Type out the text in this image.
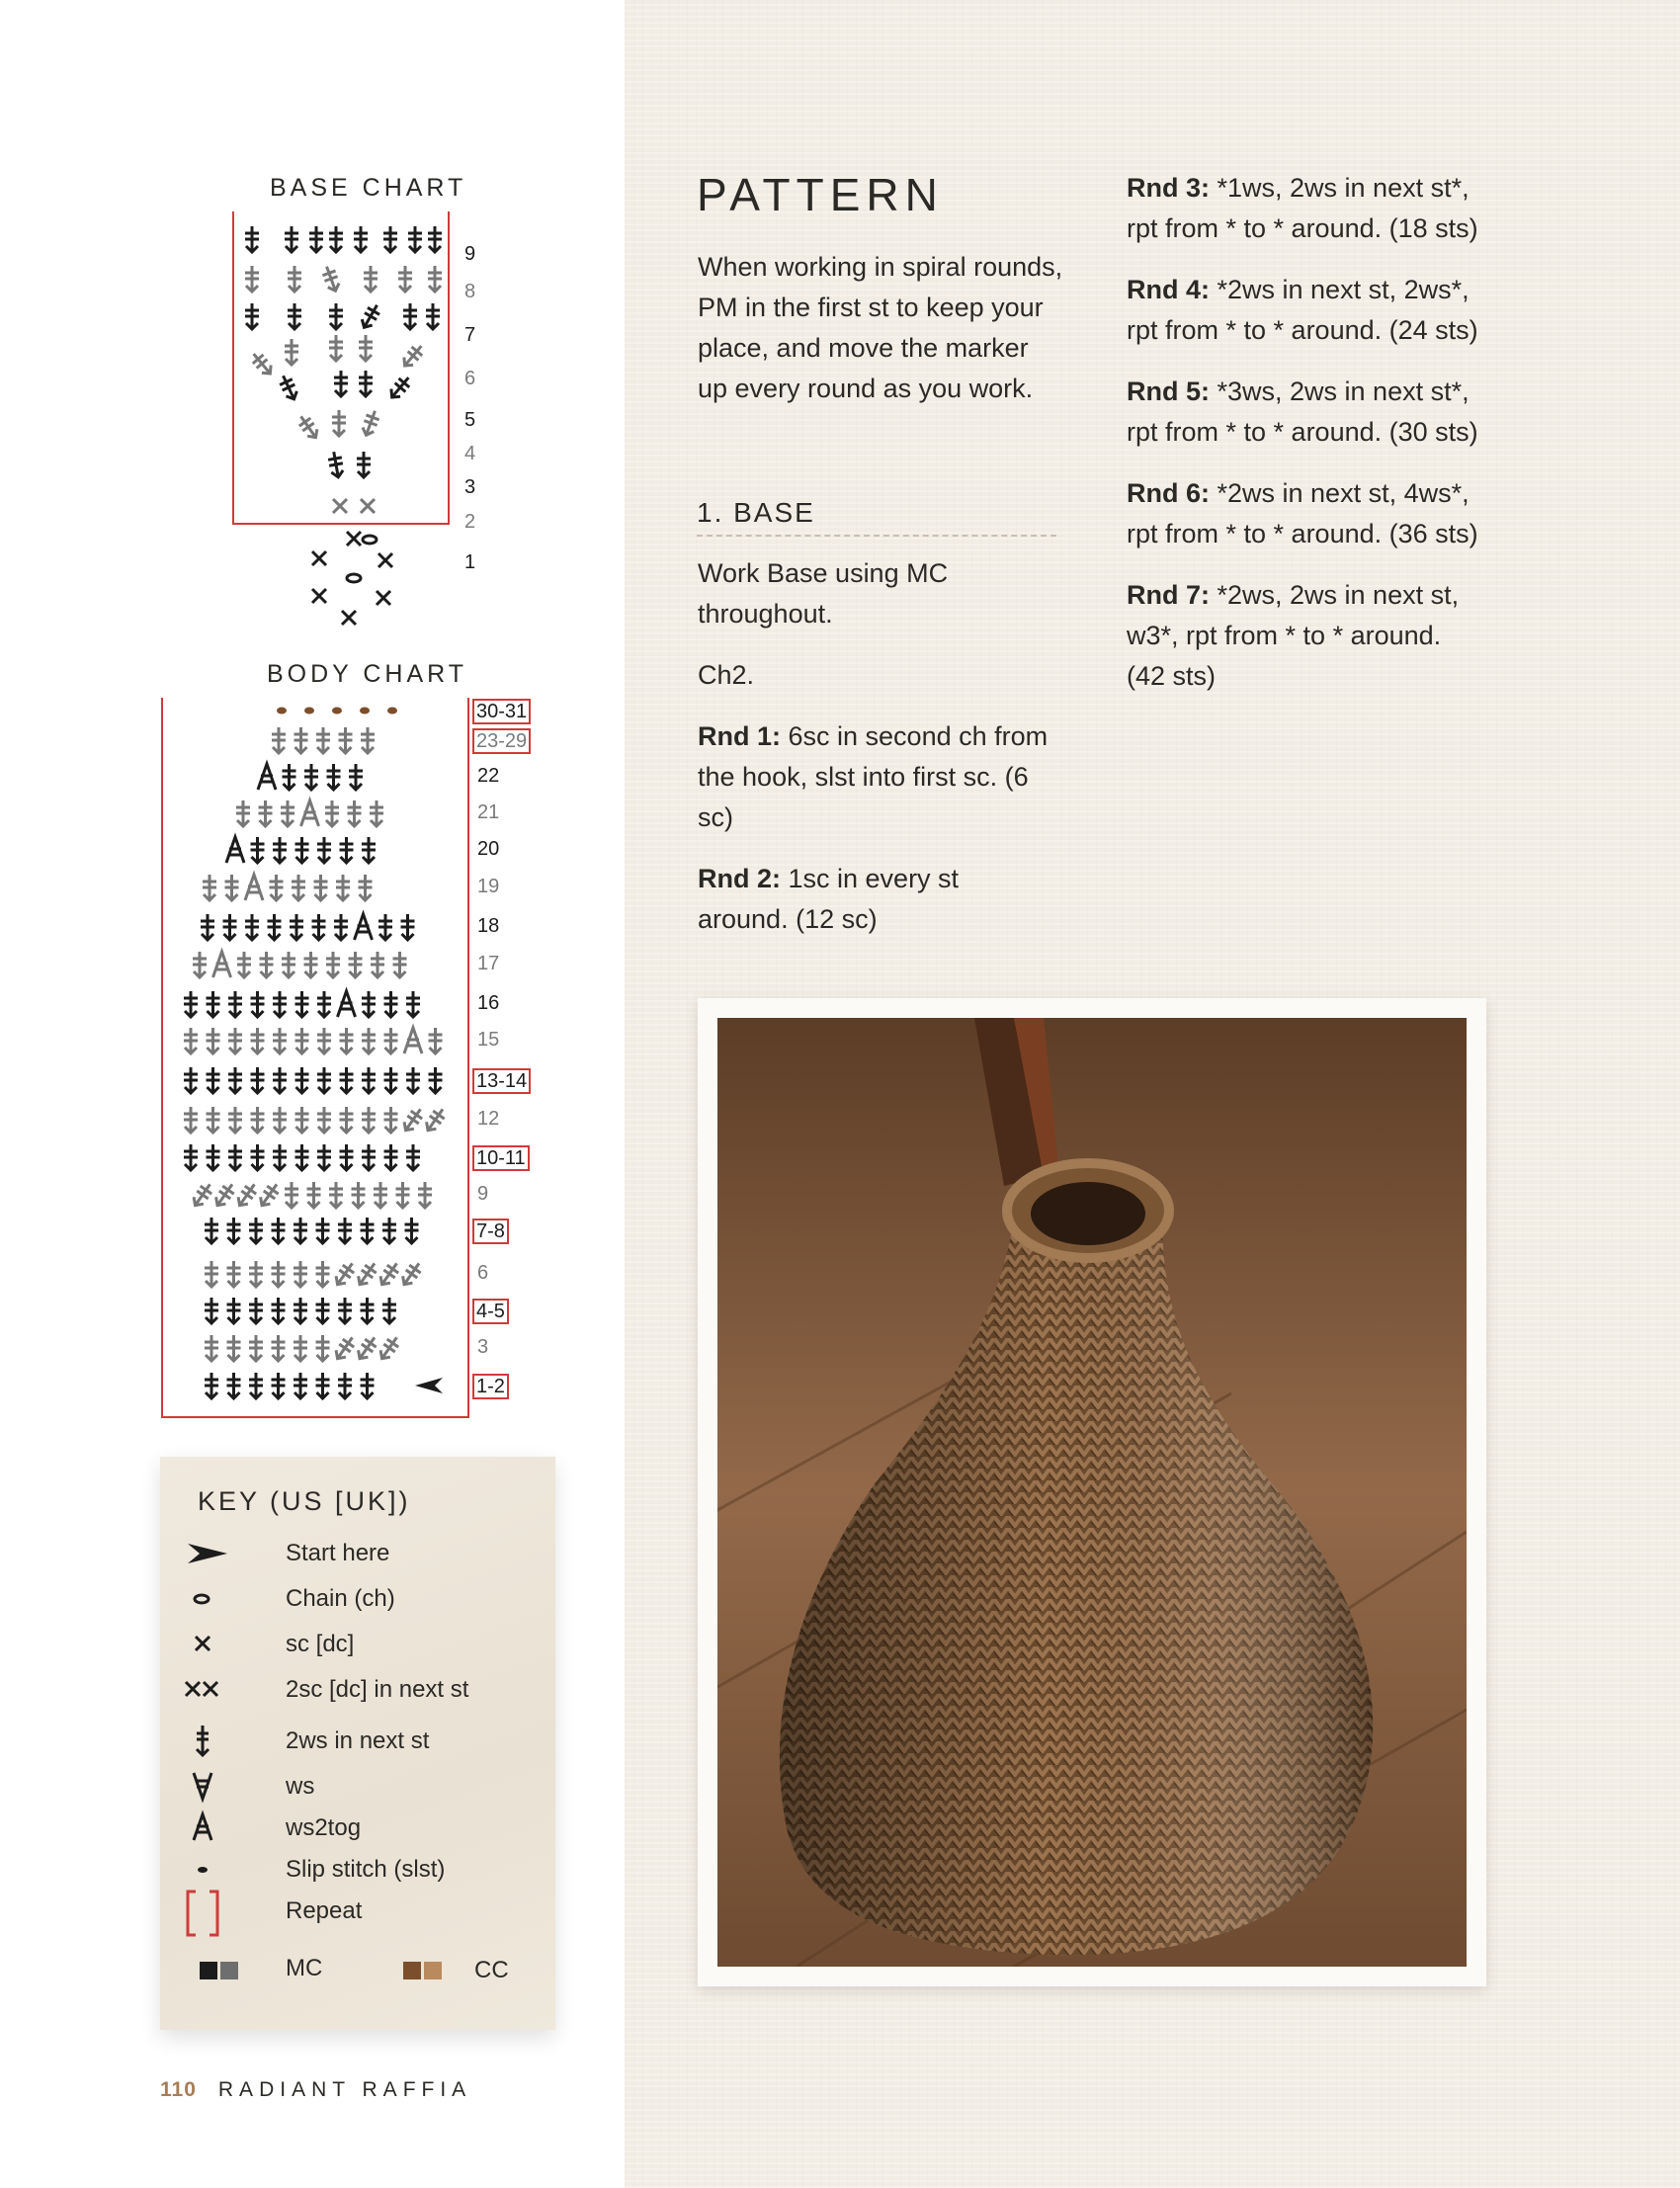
BASE CHART
9
8
7
6
5
4
3
2
1
BODY CHART
30-31
23-29
22
21
20
19
18
17
16
15
13-14
12
10-11
9
7-8
6
4-5
3
1-2
KEY (US [UK])
Start here
Chain (ch)
sc [dc]
2sc [dc] in next st
2ws in next st
ws
ws2tog
Slip stitch (slst)
Repeat
MC	CC
110 RADIANT RAFFIA
PATTERN

When working in spiral rounds, PM in the first st to keep your place, and move the marker up every round as you work.

1. BASE

Work Base using MC throughout.

Ch2.

Rnd 1: 6sc in second ch from the hook, slst into first sc. (6 sc)

Rnd 2: 1sc in every st around. (12 sc)

Rnd 3: *1ws, 2ws in next st*, rpt from * to * around. (18 sts)

Rnd 4: *2ws in next st, 2ws*, rpt from * to * around. (24 sts)

Rnd 5: *3ws, 2ws in next st*, rpt from * to * around. (30 sts)

Rnd 6: *2ws in next st, 4ws*, rpt from * to * around. (36 sts)

Rnd 7: *2ws, 2ws in next st, w3*, rpt from * to * around. (42 sts)
